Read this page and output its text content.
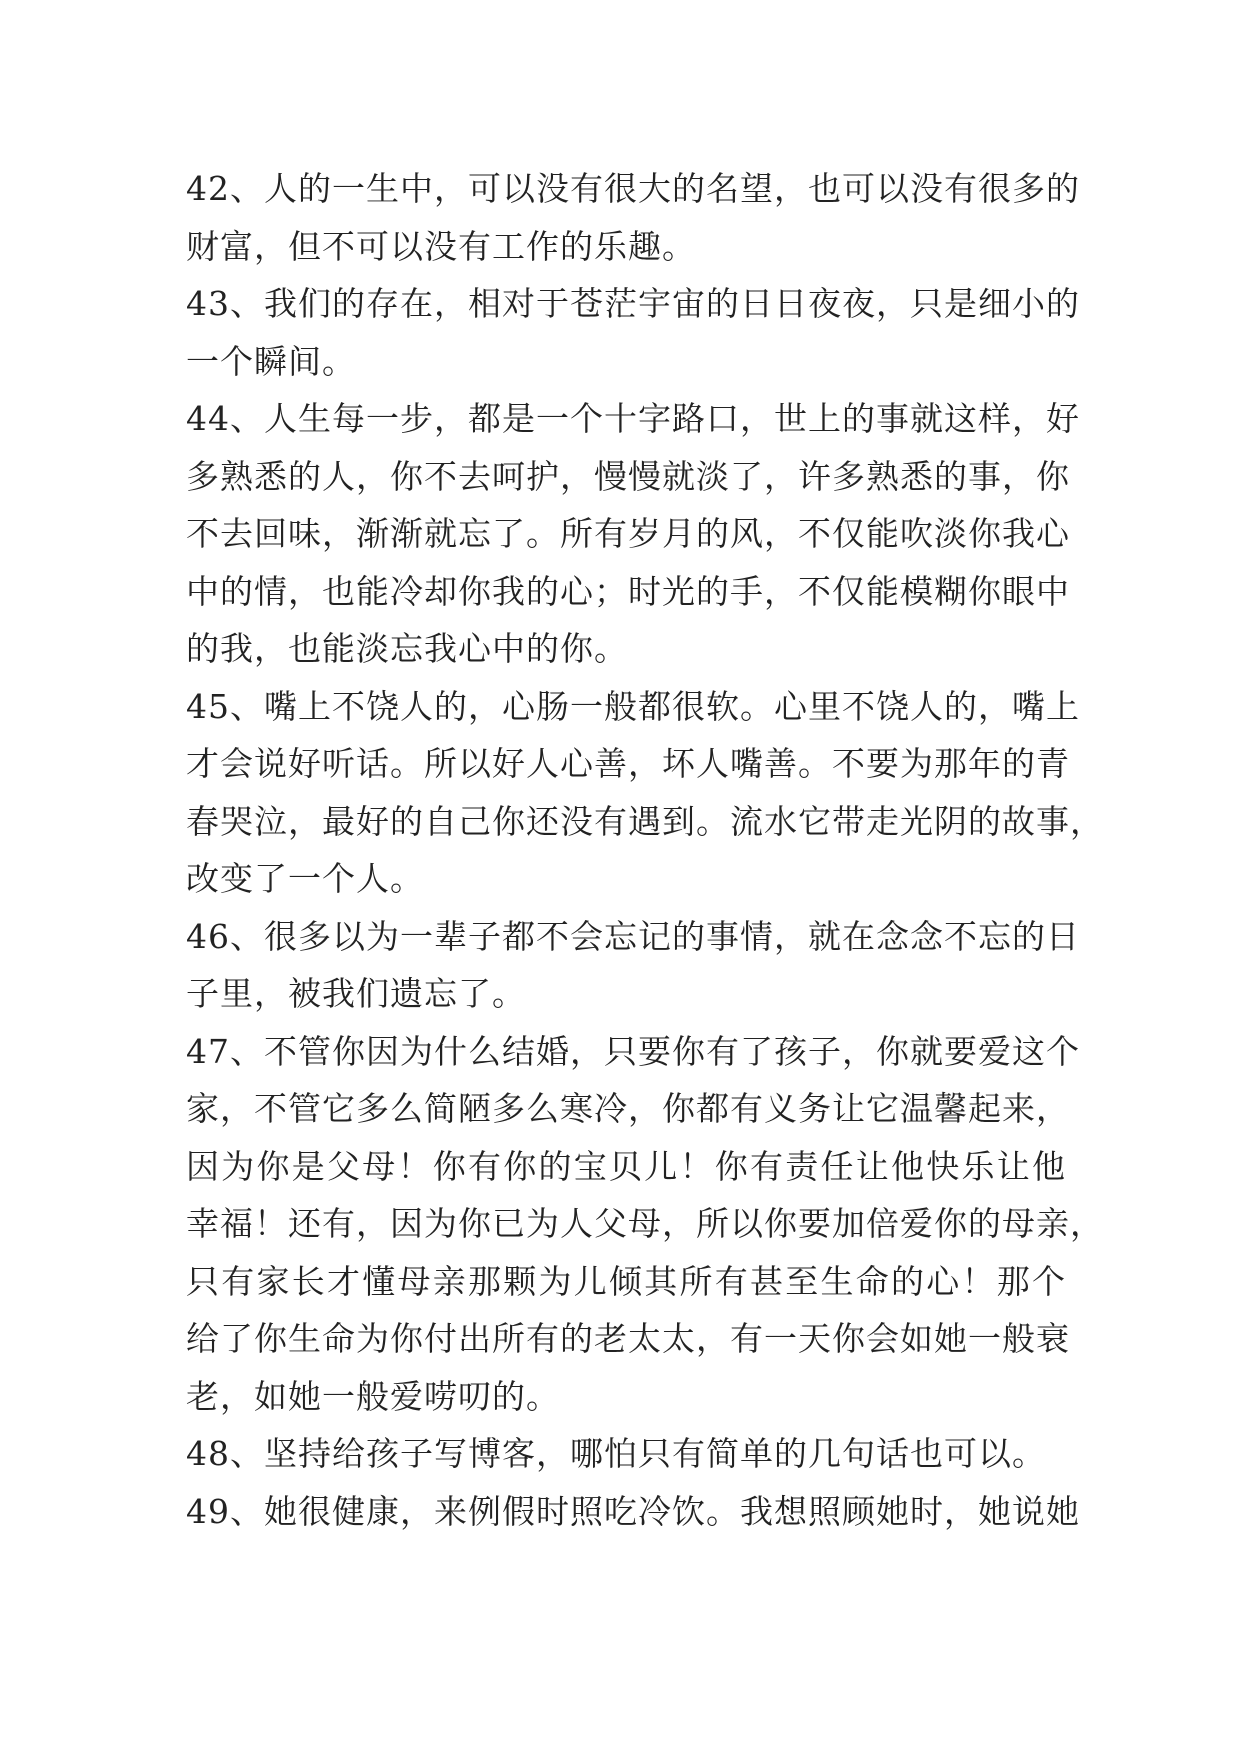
42、人的一生中，可以没有很大的名望，也可以没有很多的
财富，但不可以没有工作的乐趣。
43、我们的存在，相对于苍茫宇宙的日日夜夜，只是细小的
一个瞬间。
44、人生每一步，都是一个十字路口，世上的事就这样，好
多熟悉的人，你不去呵护，慢慢就淡了，许多熟悉的事，你
不去回味，渐渐就忘了。所有岁月的风，不仅能吹淡你我心
中的情，也能冷却你我的心；时光的手，不仅能模糊你眼中
的我，也能淡忘我心中的你。
45、嘴上不饶人的，心肠一般都很软。心里不饶人的，嘴上
才会说好听话。所以好人心善，坏人嘴善。不要为那年的青
春哭泣，最好的自己你还没有遇到。流水它带走光阴的故事，
改变了一个人。
46、很多以为一辈子都不会忘记的事情，就在念念不忘的日
子里，被我们遗忘了。
47、不管你因为什么结婚，只要你有了孩子，你就要爱这个
家，不管它多么简陋多么寒冷，你都有义务让它温馨起来，
因为你是父母！你有你的宝贝儿！你有责任让他快乐让他
幸福！还有，因为你已为人父母，所以你要加倍爱你的母亲，
只有家长才懂母亲那颗为儿倾其所有甚至生命的心！那个
给了你生命为你付出所有的老太太，有一天你会如她一般衰
老，如她一般爱唠叨的。
48、坚持给孩子写博客，哪怕只有简单的几句话也可以。
49、她很健康，来例假时照吃冷饮。我想照顾她时，她说她
